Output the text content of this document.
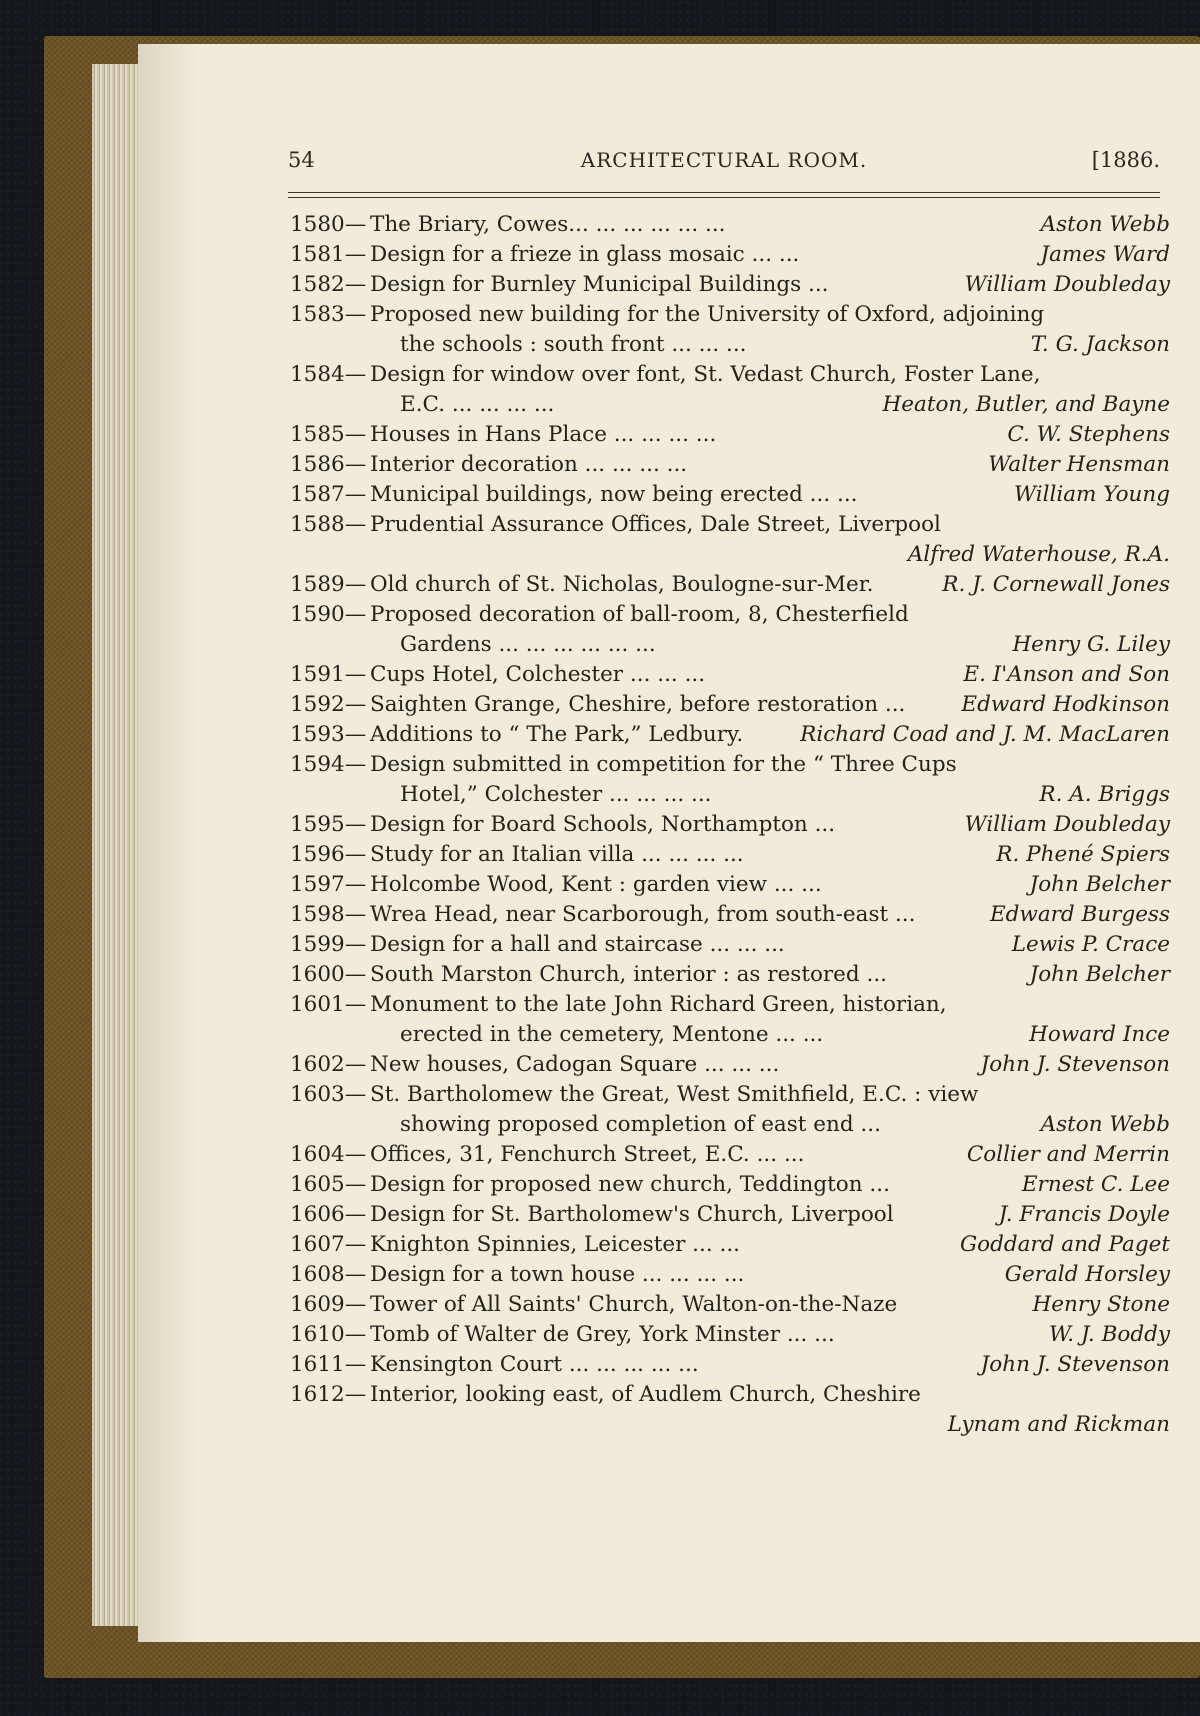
54	ARCHITECTURAL ROOM.	[1886.
1580— The Briary, Cowes... ... ... ... ... ...	Aston Webb
1581— Design for a frieze in glass mosaic ... ...	James Ward
1582— Design for Burnley Municipal Buildings ...	William Doubleday
1583— Proposed new building for the University of Oxford, adjoining
the schools : south front ... ... ...	T. G. Jackson
1584— Design for window over font, St. Vedast Church, Foster Lane,
E.C. ... ... ... ...	Heaton, Butler, and Bayne
1585— Houses in Hans Place ... ... ... ...	C. W. Stephens
1586— Interior decoration ... ... ... ...	Walter Hensman
1587— Municipal buildings, now being erected ... ...	William Young
1588— Prudential Assurance Offices, Dale Street, Liverpool
Alfred Waterhouse, R.A.
1589— Old church of St. Nicholas, Boulogne-sur-Mer.	R. J. Cornewall Jones
1590— Proposed decoration of ball-room, 8, Chesterfield
Gardens ... ... ... ... ... ...	Henry G. Liley
1591— Cups Hotel, Colchester ... ... ...	E. I'Anson and Son
1592— Saighten Grange, Cheshire, before restoration ...	Edward Hodkinson
1593— Additions to “ The Park,” Ledbury.	Richard Coad and J. M. MacLaren
1594— Design submitted in competition for the “ Three Cups
Hotel,” Colchester ... ... ... ...	R. A. Briggs
1595— Design for Board Schools, Northampton ...	William Doubleday
1596— Study for an Italian villa ... ... ... ...	R. Phené Spiers
1597— Holcombe Wood, Kent : garden view ... ...	John Belcher
1598— Wrea Head, near Scarborough, from south-east ...	Edward Burgess
1599— Design for a hall and staircase ... ... ...	Lewis P. Crace
1600— South Marston Church, interior : as restored ...	John Belcher
1601— Monument to the late John Richard Green, historian,
erected in the cemetery, Mentone ... ...	Howard Ince
1602— New houses, Cadogan Square ... ... ...	John J. Stevenson
1603— St. Bartholomew the Great, West Smithfield, E.C. : view
showing proposed completion of east end ...	Aston Webb
1604— Offices, 31, Fenchurch Street, E.C. ... ...	Collier and Merrin
1605— Design for proposed new church, Teddington ...	Ernest C. Lee
1606— Design for St. Bartholomew's Church, Liverpool	J. Francis Doyle
1607— Knighton Spinnies, Leicester ... ...	Goddard and Paget
1608— Design for a town house ... ... ... ...	Gerald Horsley
1609— Tower of All Saints' Church, Walton-on-the-Naze	Henry Stone
1610— Tomb of Walter de Grey, York Minster ... ...	W. J. Boddy
1611— Kensington Court ... ... ... ... ...	John J. Stevenson
1612— Interior, looking east, of Audlem Church, Cheshire
Lynam and Rickman
